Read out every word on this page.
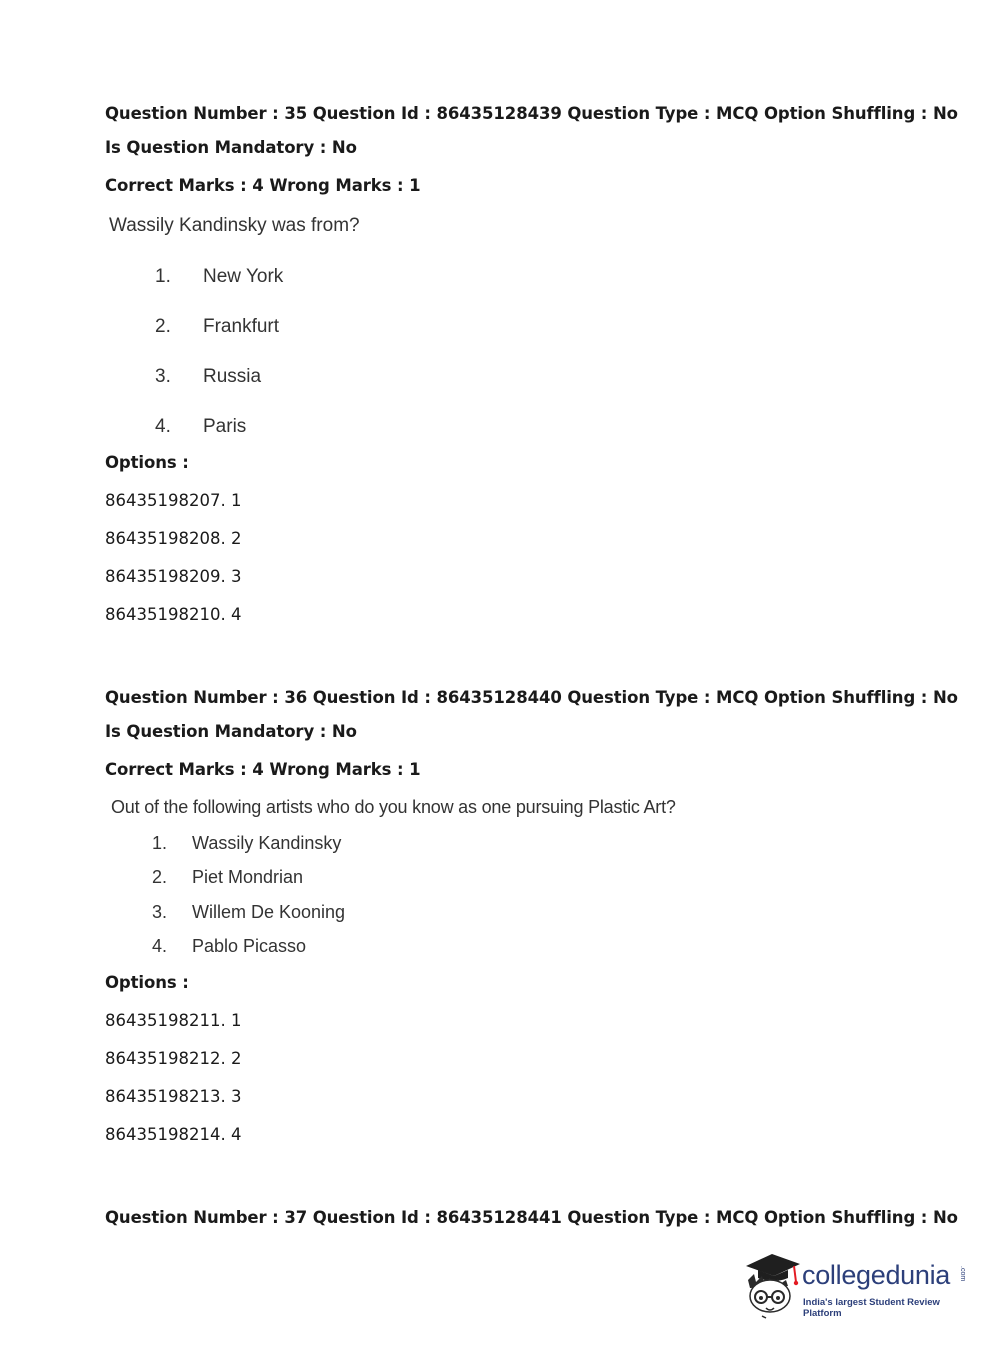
Question Number : 35 Question Id : 86435128439 Question Type : MCQ Option Shuffling : No
Is Question Mandatory : No
Correct Marks : 4 Wrong Marks : 1
Wassily Kandinsky was from?
1. New York
2. Frankfurt
3. Russia
4. Paris
Options :
86435198207. 1
86435198208. 2
86435198209. 3
86435198210. 4
Question Number : 36 Question Id : 86435128440 Question Type : MCQ Option Shuffling : No
Is Question Mandatory : No
Correct Marks : 4 Wrong Marks : 1
Out of the following artists who do you know as one pursuing Plastic Art?
1. Wassily Kandinsky
2. Piet Mondrian
3. Willem De Kooning
4. Pablo Picasso
Options :
86435198211. 1
86435198212. 2
86435198213. 3
86435198214. 4
Question Number : 37 Question Id : 86435128441 Question Type : MCQ Option Shuffling : No
collegedunia .com
India's largest Student Review Platform
